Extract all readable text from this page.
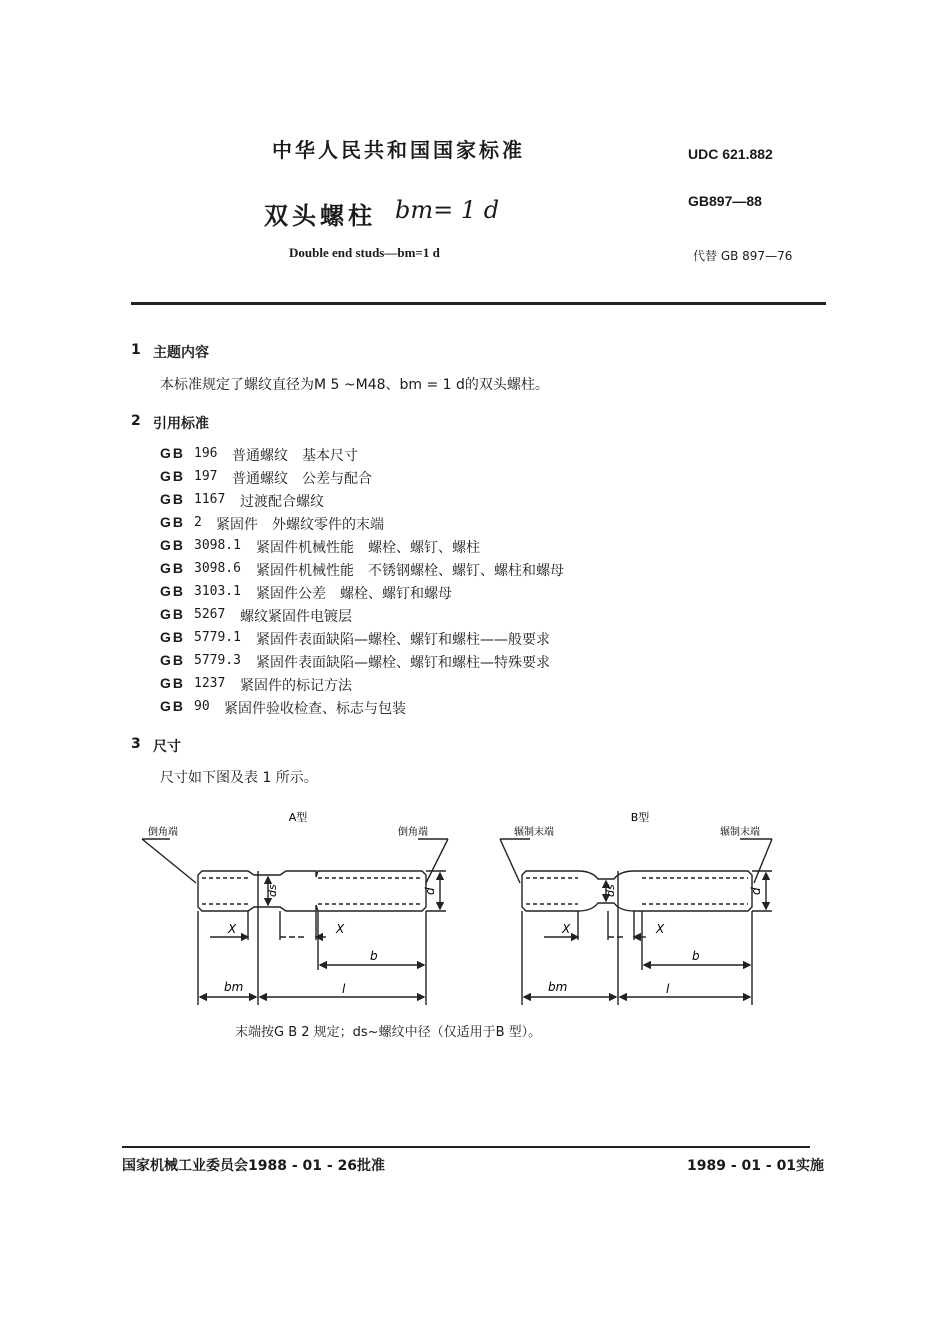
中华人民共和国国家标准	UDC 621.882
双头螺柱 bm= 1 d	GB897—88
Double end studs—bm=1 d	代替 GB 897—76
1 主题内容
本标准规定了螺纹直径为M 5 ~M48、bm = 1 d的双头螺柱。
2 引用标准
GB 196 普通螺纹　基本尺寸
GB 197 普通螺纹　公差与配合
GB 1167 过渡配合螺纹
GB 2 紧固件　外螺纹零件的末端
GB 3098.1 紧固件机械性能　螺栓、螺钉、螺柱
GB 3098.6 紧固件机械性能　不锈钢螺栓、螺钉、螺柱和螺母
GB 3103.1 紧固件公差　螺栓、螺钉和螺母
GB 5267 螺纹紧固件电镀层
GB 5779.1 紧固件表面缺陷—螺栓、螺钉和螺柱——般要求
GB 5779.3 紧固件表面缺陷—螺栓、螺钉和螺柱—特殊要求
GB 1237 紧固件的标记方法
GB 90 紧固件验收检查、标志与包装
3 尺寸
尺寸如下图及表 1 所示。
A型
倒角端	倒角端
ds	d
X	X
b
bm	l
B型
辗制末端	辗制末端
ds	d
X	X
b
bm	l
末端按G B 2 规定；ds~螺纹中径（仅适用于B 型）。
国家机械工业委员会1988 - 01 - 26批准	1989 - 01 - 01实施
